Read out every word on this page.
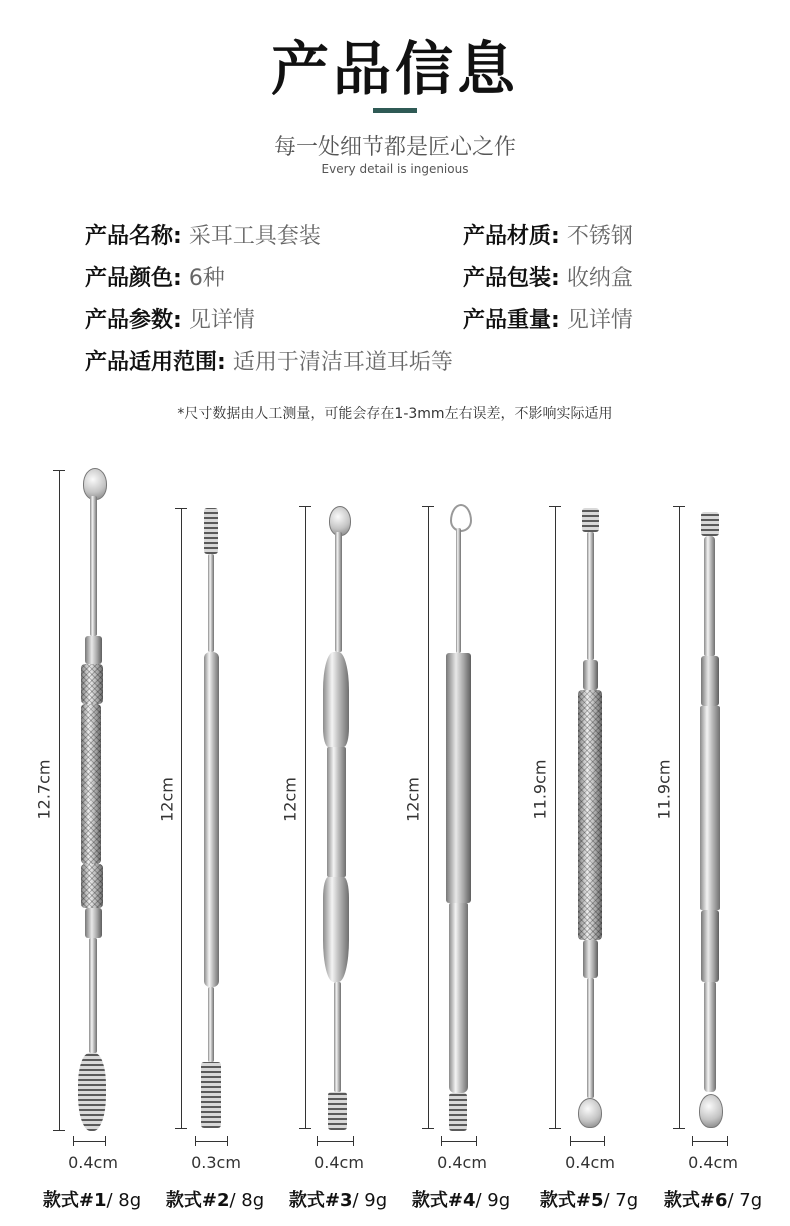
产品信息
每一处细节都是匠心之作
Every detail is ingenious
产品名称: 采耳工具套装	产品材质: 不锈钢
产品颜色: 6种	产品包装: 收纳盒
产品参数: 见详情	产品重量: 见详情
产品适用范围: 适用于清洁耳道耳垢等
*尺寸数据由人工测量，可能会存在1-3mm左右误差，不影响实际适用
12.7cm
0.4cm
款式#1/ 8g
12cm
0.3cm
款式#2/ 8g
12cm
0.4cm
款式#3/ 9g
12cm
0.4cm
款式#4/ 9g
11.9cm
0.4cm
款式#5/ 7g
11.9cm
0.4cm
款式#6/ 7g
